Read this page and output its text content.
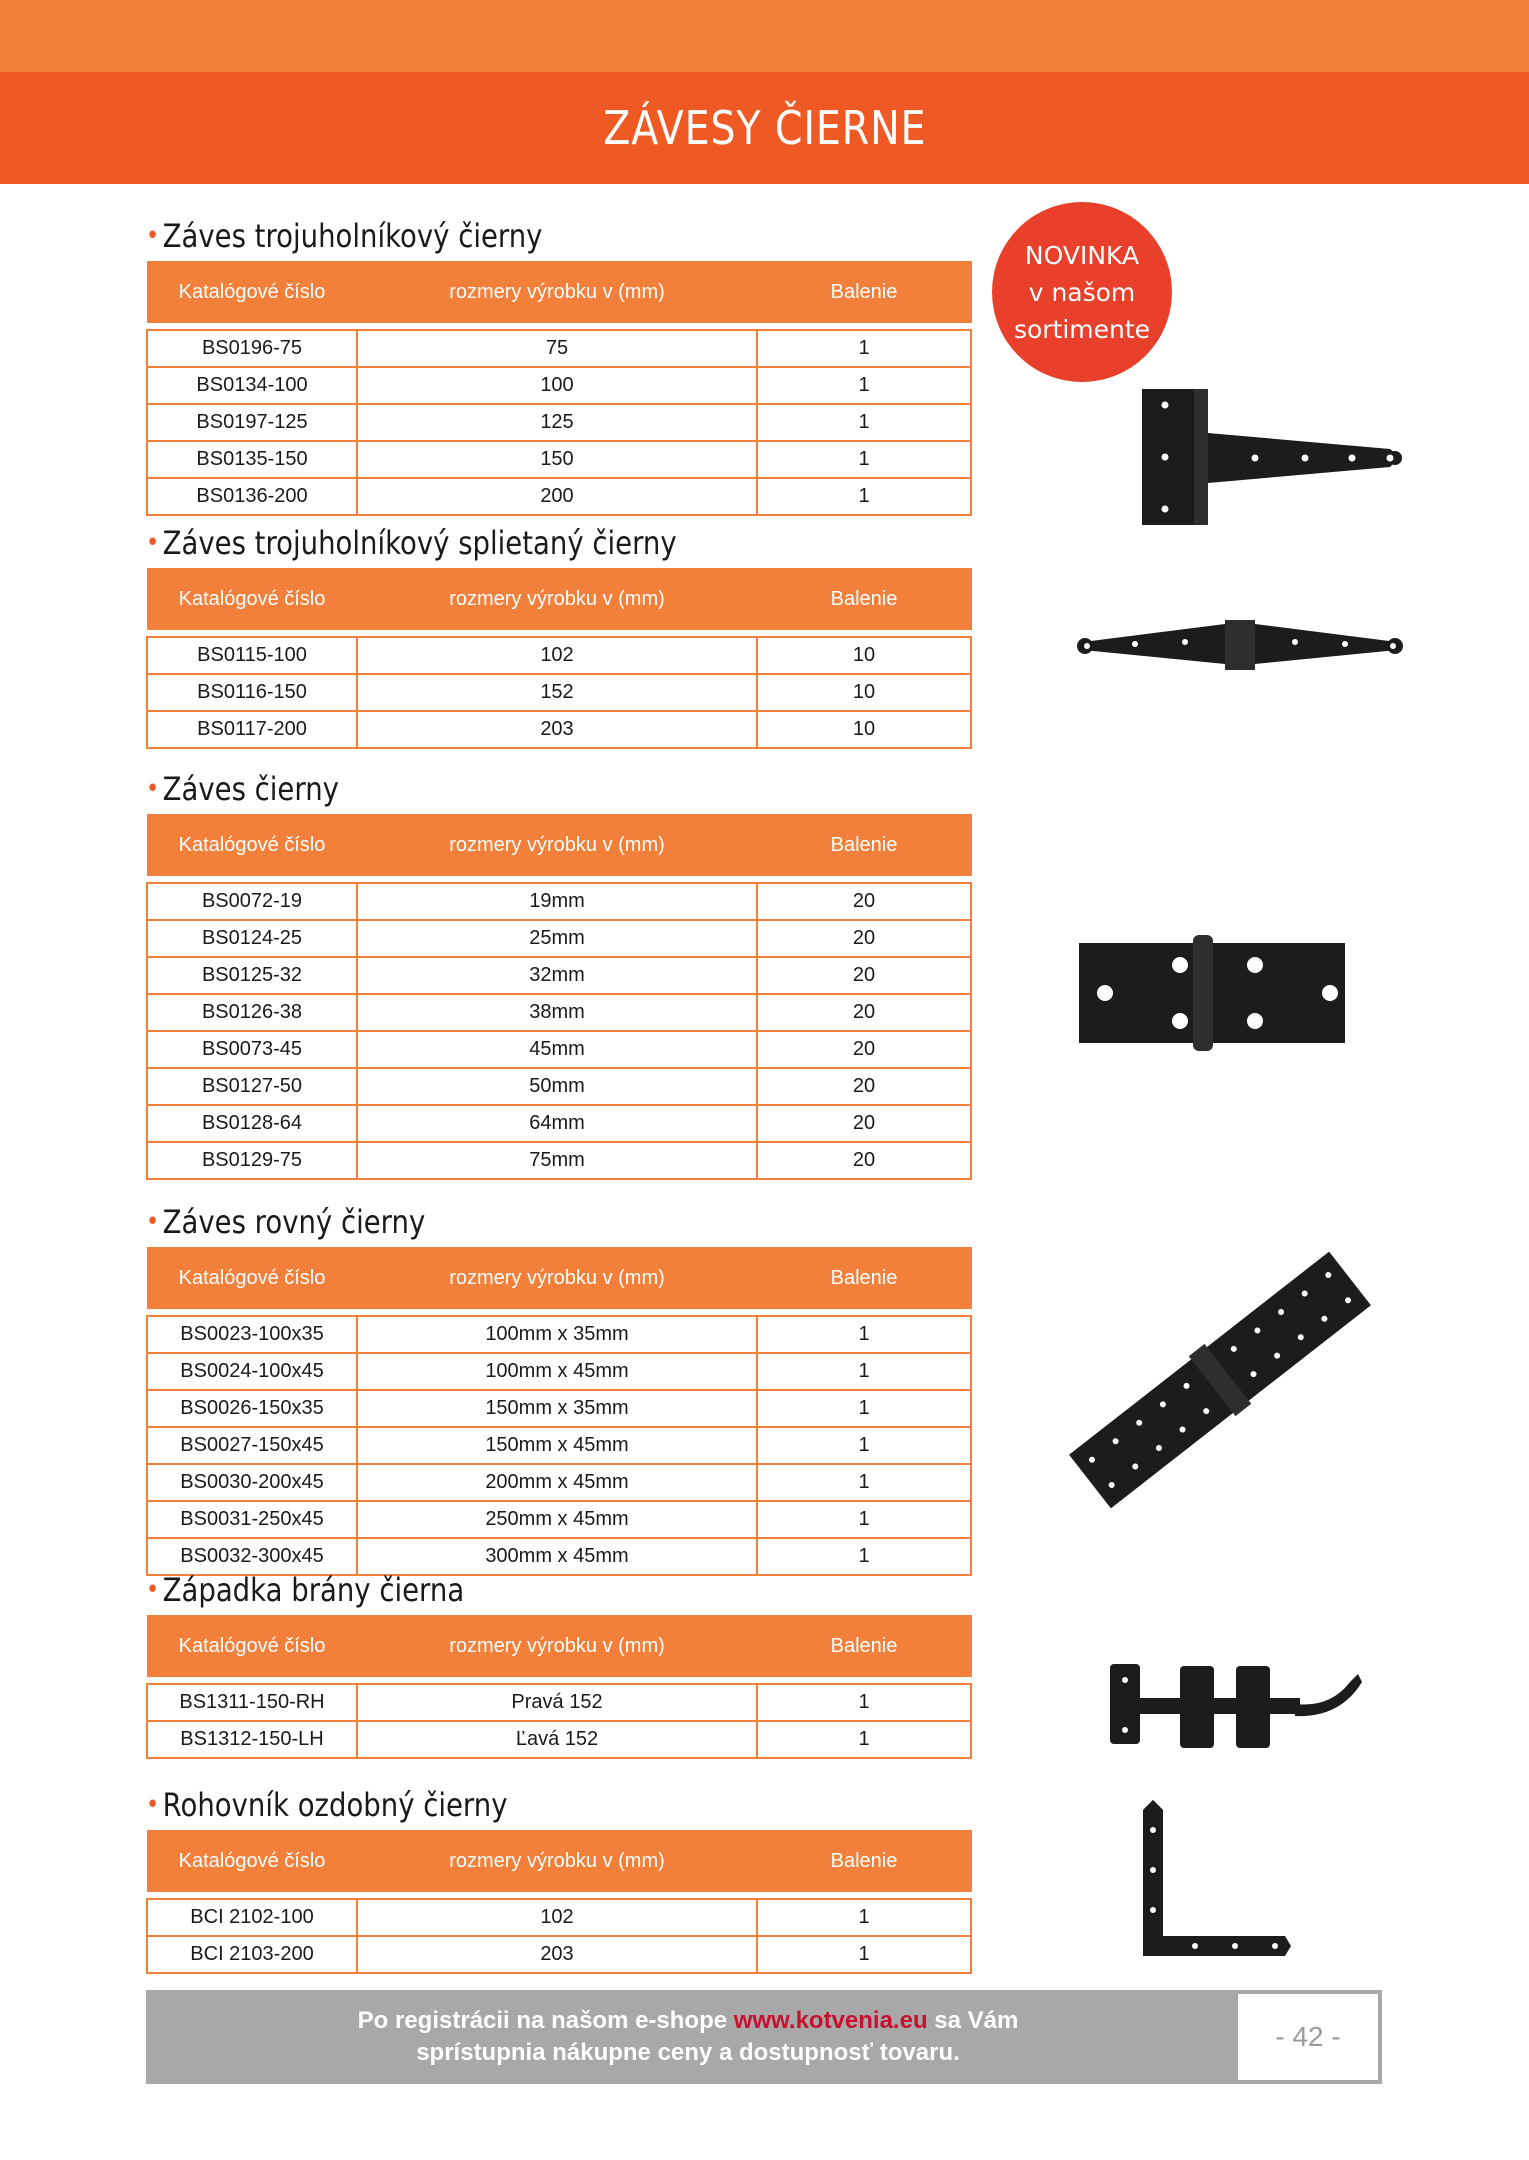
ZÁVESY ČIERNE
NOVINKA
v našom
sortimente
• Záves trojuholníkový čierny
Katalógové číslo	rozmery výrobku v (mm)	Balenie

BS0196-75	75	1
BS0134-100	100	1
BS0197-125	125	1
BS0135-150	150	1
BS0136-200	200	1
• Záves trojuholníkový splietaný čierny
Katalógové číslo	rozmery výrobku v (mm)	Balenie

BS0115-100	102	10
BS0116-150	152	10
BS0117-200	203	10
• Záves čierny
Katalógové číslo	rozmery výrobku v (mm)	Balenie

BS0072-19	19mm	20
BS0124-25	25mm	20
BS0125-32	32mm	20
BS0126-38	38mm	20
BS0073-45	45mm	20
BS0127-50	50mm	20
BS0128-64	64mm	20
BS0129-75	75mm	20
• Záves rovný čierny
Katalógové číslo	rozmery výrobku v (mm)	Balenie

BS0023-100x35	100mm x 35mm	1
BS0024-100x45	100mm x 45mm	1
BS0026-150x35	150mm x 35mm	1
BS0027-150x45	150mm x 45mm	1
BS0030-200x45	200mm x 45mm	1
BS0031-250x45	250mm x 45mm	1
BS0032-300x45	300mm x 45mm	1
• Západka brány čierna
Katalógové číslo	rozmery výrobku v (mm)	Balenie

BS1311-150-RH	Pravá 152	1
BS1312-150-LH	Ľavá 152	1
• Rohovník ozdobný čierny
Katalógové číslo	rozmery výrobku v (mm)	Balenie

BCI 2102-100	102	1
BCI 2103-200	203	1
Po registrácii na našom e-shope www.kotvenia.eu sa Vám
sprístupnia nákupne ceny a dostupnosť tovaru.
- 42 -
